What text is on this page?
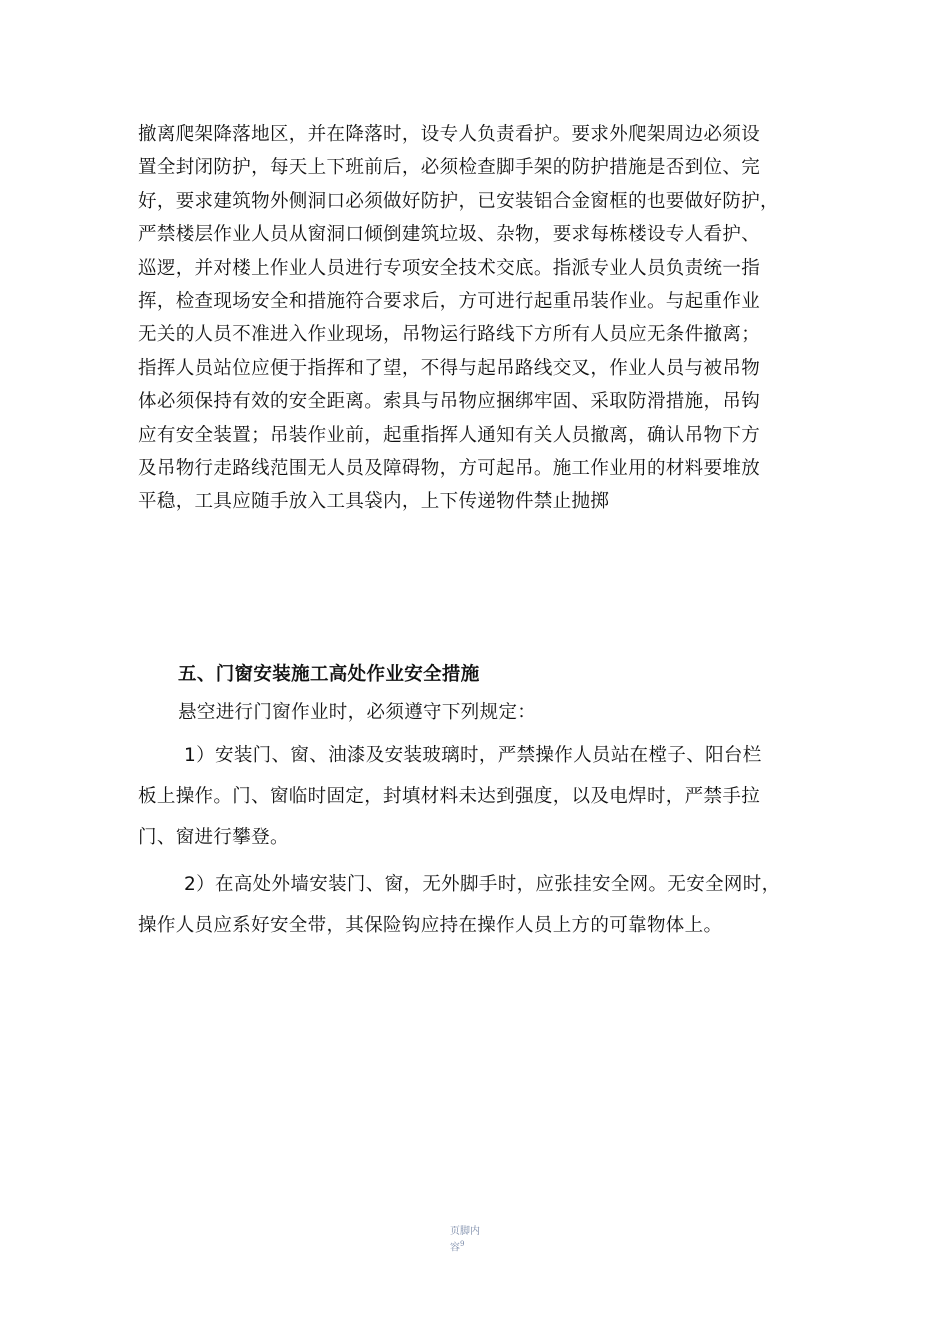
撤离爬架降落地区，并在降落时，设专人负责看护。要求外爬架周边必须设
置全封闭防护，每天上下班前后，必须检查脚手架的防护措施是否到位、完
好，要求建筑物外侧洞口必须做好防护，已安装铝合金窗框的也要做好防护，
严禁楼层作业人员从窗洞口倾倒建筑垃圾、杂物，要求每栋楼设专人看护、
巡逻，并对楼上作业人员进行专项安全技术交底。指派专业人员负责统一指
挥，检查现场安全和措施符合要求后，方可进行起重吊装作业。与起重作业
无关的人员不准进入作业现场，吊物运行路线下方所有人员应无条件撤离；
指挥人员站位应便于指挥和了望，不得与起吊路线交叉，作业人员与被吊物
体必须保持有效的安全距离。索具与吊物应捆绑牢固、采取防滑措施，吊钩
应有安全装置；吊装作业前，起重指挥人通知有关人员撤离，确认吊物下方
及吊物行走路线范围无人员及障碍物，方可起吊。施工作业用的材料要堆放
平稳，工具应随手放入工具袋内，上下传递物件禁止抛掷
五、门窗安装施工高处作业安全措施
悬空进行门窗作业时，必须遵守下列规定：
1）安装门、窗、油漆及安装玻璃时，严禁操作人员站在樘子、阳台栏
板上操作。门、窗临时固定，封填材料未达到强度，以及电焊时，严禁手拉
门、窗进行攀登。
2）在高处外墙安装门、窗，无外脚手时，应张挂安全网。无安全网时，
操作人员应系好安全带，其保险钩应持在操作人员上方的可靠物体上。
页脚内
容$^9$
